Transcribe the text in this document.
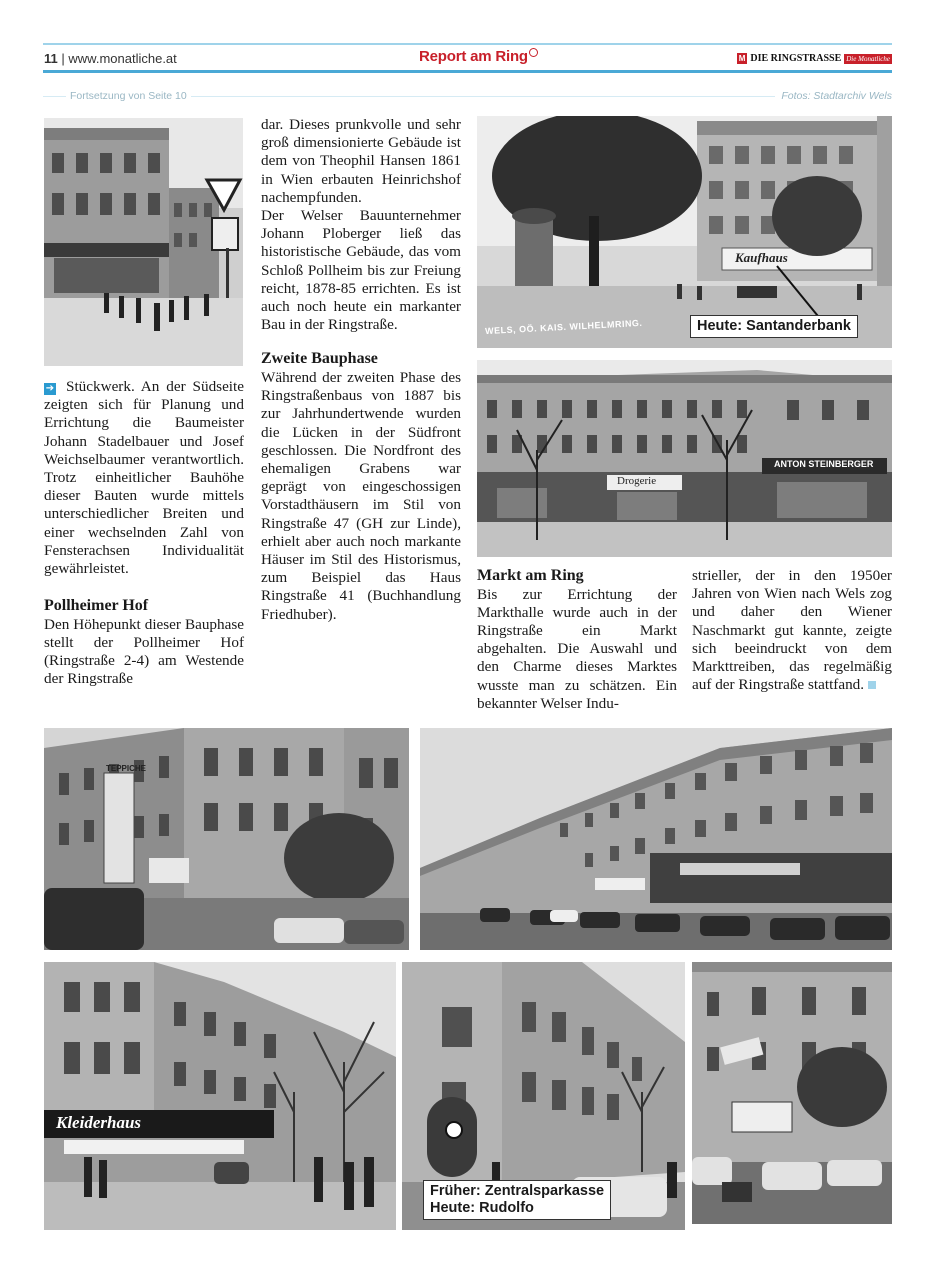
11 | www.monatliche.at	Report am Ring	M DIE RINGSTRASSE Die Monatliche
Fortsetzung von Seite 10	Fotos: Stadtarchiv Wels
WELS, OÖ. KAIS. WILHELMRING.
Kaufhaus
Heute: Santanderbank
ANTON STEINBERGER
Drogerie

➔ Stückwerk. An der Südseite zeigten sich für Planung und Errichtung die Baumeister Johann Stadelbauer und Josef Weichselbaumer verantwortlich. Trotz einheitlicher Bauhöhe dieser Bauten wurde mittels unterschiedlicher Breiten und einer wechselnden Zahl von Fensterachsen Individualität gewährleistet.

Pollheimer Hof

Den Höhepunkt dieser Bauphase stellt der Pollheimer Hof (Ringstraße 2-4) am Westende der Ringstraße

dar. Dieses prunkvolle und sehr groß dimensionierte Gebäude ist dem von Theophil Hansen 1861 in Wien erbauten Heinrichshof nachempfunden.

Der Welser Bauunternehmer Johann Ploberger ließ das historistische Gebäude, das vom Schloß Pollheim bis zur Freiung reicht, 1878-85 errichten. Es ist auch noch heute ein markanter Bau in der Ringstraße.

Zweite Bauphase

Während der zweiten Phase des Ringstraßenbaus von 1887 bis zur Jahrhundertwende wurden die Lücken in der Südfront geschlossen. Die Nordfront des ehemaligen Grabens war geprägt von eingeschossigen Vorstadthäusern im Stil von Ringstraße 47 (GH zur Linde), erhielt aber auch noch markante Häuser im Stil des Historismus, zum Beispiel das Haus Ringstraße 41 (Buchhandlung Friedhuber).

Markt am Ring

Bis zur Errichtung der Markthalle wurde auch in der Ringstraße ein Markt abgehalten. Die Auswahl und den Charme dieses Marktes wusste man zu schätzen. Ein bekannter Welser Indu-

strieller, der in den 1950er Jahren von Wien nach Wels zog und daher den Wiener Naschmarkt gut kannte, zeigte sich beeindruckt von dem Markttreiben, das regelmäßig auf der Ringstraße stattfand.

TEPPICHE
Kleiderhaus
Früher: Zentralsparkasse
Heute: Rudolfo
